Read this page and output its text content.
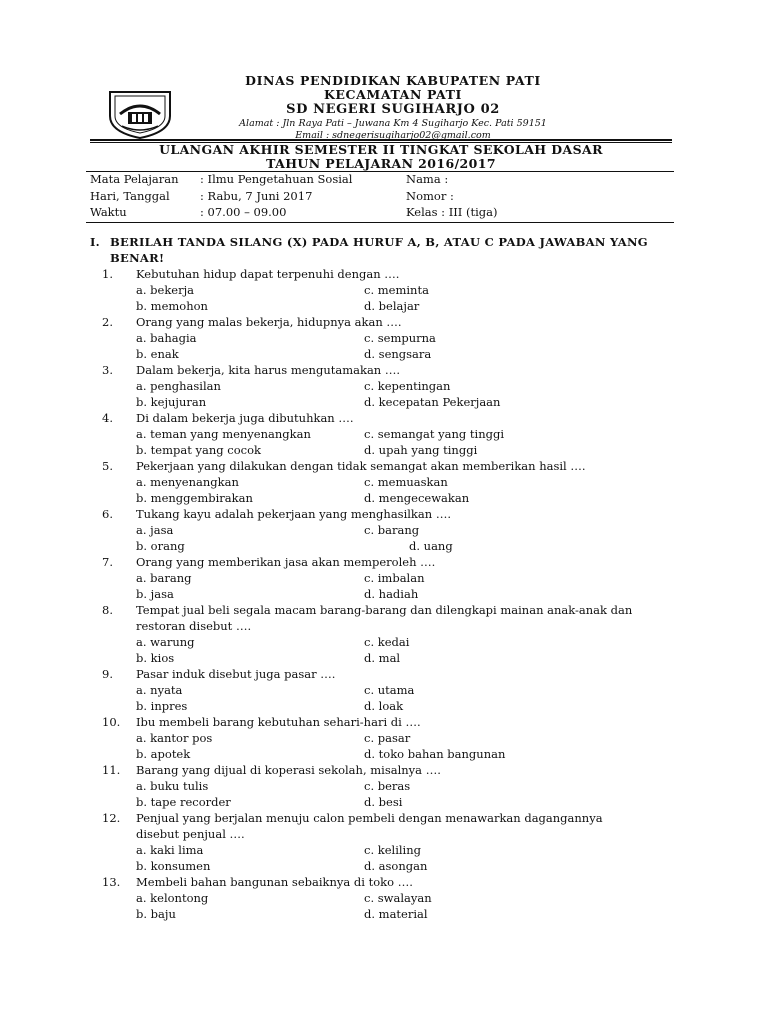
DINAS PENDIDIKAN KABUPATEN PATI
KECAMATAN PATI
SD NEGERI SUGIHARJO 02
Alamat : Jln Raya Pati – Juwana Km 4 Sugiharjo Kec. Pati 59151
Email : sdnegerisugiharjo02@gmail.com
ULANGAN AKHIR SEMESTER II TINGKAT SEKOLAH DASAR
TAHUN PELAJARAN 2016/2017
Mata Pelajaran : Ilmu Pengetahuan Sosial	Nama :
Hari, Tanggal	: Rabu, 7 Juni 2017	Nomor :
Waktu	: 07.00 – 09.00	Kelas : III (tiga)
I. BERILAH TANDA SILANG (X) PADA HURUF A, B, ATAU C PADA JAWABAN YANG BENAR!
1.	Kebutuhan hidup dapat terpenuhi dengan ….
a. bekerja	c. meminta
b. memohon	d. belajar
2.	Orang yang malas bekerja, hidupnya akan ….
a. bahagia	c. sempurna
b. enak	d. sengsara
3.	Dalam bekerja, kita harus mengutamakan ….
a. penghasilan	c. kepentingan
b. kejujuran	d. kecepatan Pekerjaan
4.	Di dalam bekerja juga dibutuhkan ….
a. teman yang menyenangkan	c. semangat yang tinggi
b. tempat yang cocok	d. upah yang tinggi
5.	Pekerjaan yang dilakukan dengan tidak semangat akan memberikan hasil ….
a. menyenangkan	c. memuaskan
b. menggembirakan	d. mengecewakan
6.	Tukang kayu adalah pekerjaan yang menghasilkan ….
a. jasa	c. barang
b. orang	d. uang
7.	Orang yang memberikan jasa akan memperoleh ….
a. barang	c. imbalan
b. jasa	d. hadiah
8.	Tempat jual beli segala macam barang-barang dan dilengkapi mainan anak-anak dan restoran disebut ….
a. warung	c. kedai
b. kios	d. mal
9.	Pasar induk disebut juga pasar ….
a. nyata	c. utama
b. inpres	d. loak
10.	Ibu membeli barang kebutuhan sehari-hari di ….
a. kantor pos	c. pasar
b. apotek	d. toko bahan bangunan
11.	Barang yang dijual di koperasi sekolah, misalnya ….
a. buku tulis	c. beras
b. tape recorder	d. besi
12.	Penjual yang berjalan menuju calon pembeli dengan menawarkan dagangannya disebut penjual ….
a. kaki lima	c. keliling
b. konsumen	d. asongan
13.	Membeli bahan bangunan sebaiknya di toko ….
a. kelontong	c. swalayan
b. baju	d. material
